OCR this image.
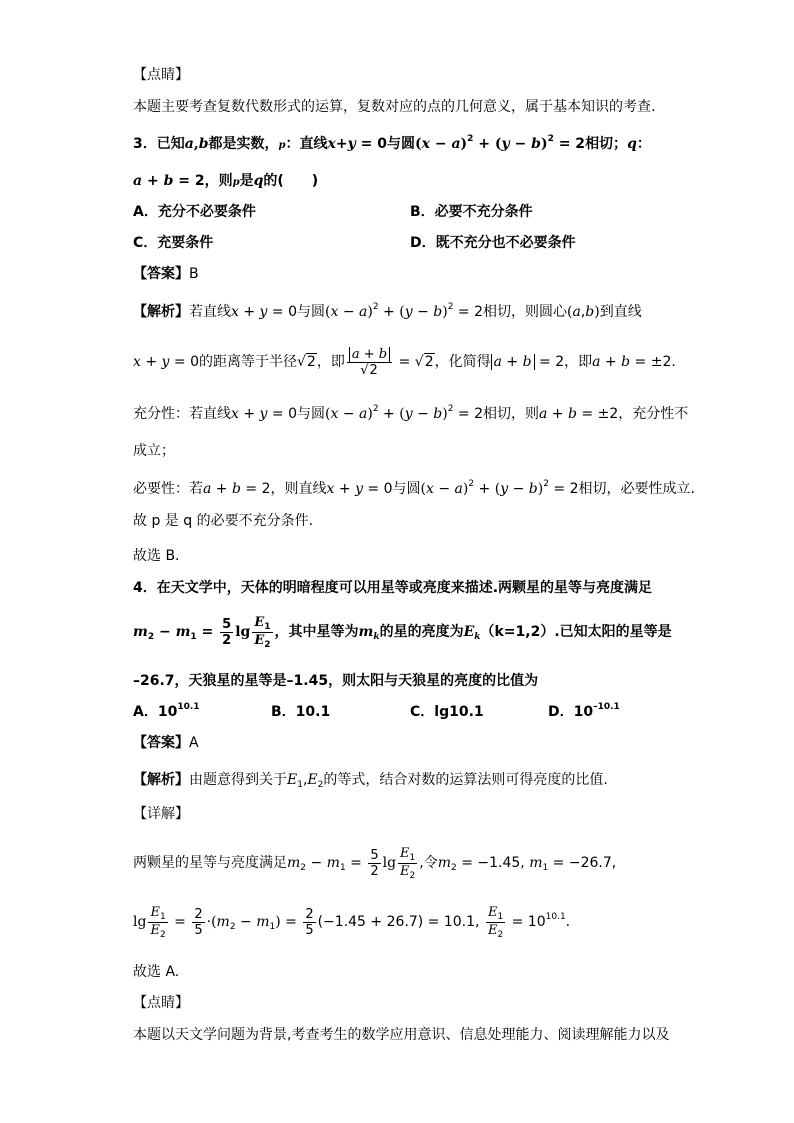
【点睛】
本题主要考查复数代数形式的运算，复数对应的点的几何意义，属于基本知识的考查.
3．已知a,b都是实数，p：直线x+y = 0与圆$(x - a)^2 + (y - b)^2 = 2$相切；q：
a + b = 2，则p是q的(　　)
A．充分不必要条件	B．必要不充分条件
C．充要条件	D．既不充分也不必要条件
【答案】B
【解析】若直线x + y = 0与圆$(x - a)^2 + (y - b)^2 = 2$相切，则圆心(a,b)到直线
x + y = 0的距离等于半径√2，即 $\frac{a + b}{√2} = √2$，化简得 a + b = 2，即a + b = ±2.
充分性：若直线x + y = 0与圆$(x - a)^2 + (y - b)^2 = 2$相切，则a + b = ±2，充分性不
成立；
必要性：若a + b = 2，则直线x + y = 0与圆$(x - a)^2 + (y - b)^2 = 2$相切，必要性成立.
故 p 是 q 的必要不充分条件.
故选 B.
4．在天文学中，天体的明暗程度可以用星等或亮度来描述.两颗星的星等与亮度满足
$m_2 - m_1 = \frac{5}{2}$ $\lg \frac{E_1}{E_2}$ ，其中星等为$m_k$的星的亮度为$E_k(k=1,2)$.已知太阳的星等是
–26.7，天狼星的星等是–1.45，则太阳与天狼星的亮度的比值为
A．$10^{10.1}$	B．10.1	C．lg10.1	D．$10^{-10.1}$
【答案】A
【解析】由题意得到关于$E_1,E_2$的等式，结合对数的运算法则可得亮度的比值.
【详解】
两颗星的星等与亮度满足$m_2 - m_1 = \frac{5}{2}$ $\lg \frac{E_1}{E_2}$ ,令$m_2 = -1.45$, $m_1 = -26.7$,
$\lg \frac{E_1}{E_2} = \frac{2}{5} \cdot(m_2 - m_1) = \frac{2}{5} (-1.45 + 26.7) = 10.1$, $\frac{E_1}{E_2} = 10^{10.1}$.
故选 A.
【点睛】
本题以天文学问题为背景,考查考生的数学应用意识、信息处理能力、阅读理解能力以及
